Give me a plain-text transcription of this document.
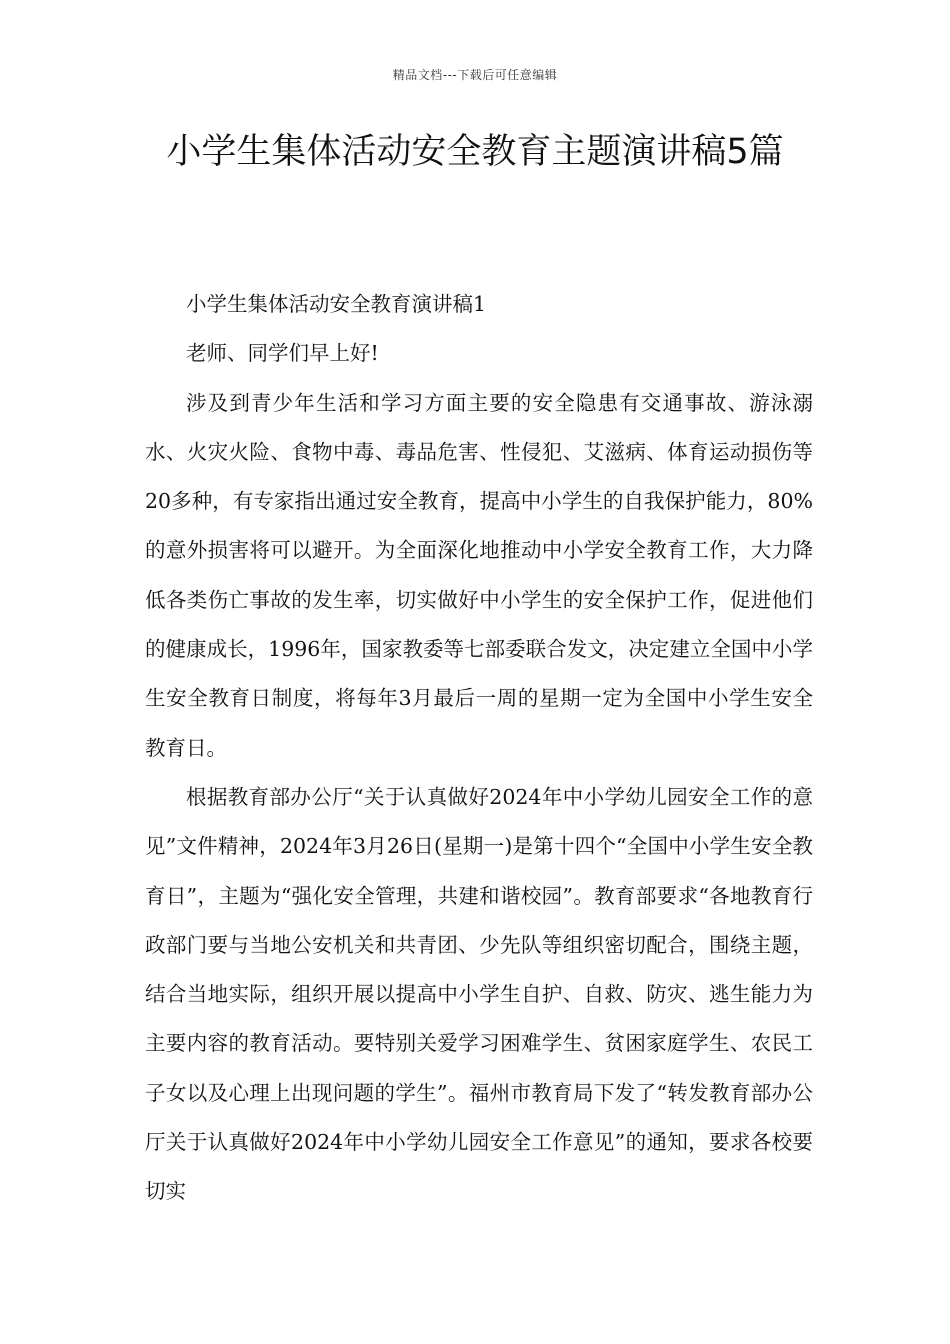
精品文档---下载后可任意编辑
小学生集体活动安全教育主题演讲稿5篇

小学生集体活动安全教育演讲稿1

老师、同学们早上好!

涉及到青少年生活和学习方面主要的安全隐患有交通事故、游泳溺水、火灾火险、食物中毒、毒品危害、性侵犯、艾滋病、体育运动损伤等20多种，有专家指出通过安全教育，提高中小学生的自我保护能力，80%的意外损害将可以避开。为全面深化地推动中小学安全教育工作，大力降低各类伤亡事故的发生率，切实做好中小学生的安全保护工作，促进他们的健康成长，1996年，国家教委等七部委联合发文，决定建立全国中小学生安全教育日制度，将每年3月最后一周的星期一定为全国中小学生安全教育日。

根据教育部办公厅“关于认真做好2024年中小学幼儿园安全工作的意见”文件精神，2024年3月26日(星期一)是第十四个“全国中小学生安全教育日”，主题为“强化安全管理，共建和谐校园”。教育部要求“各地教育行政部门要与当地公安机关和共青团、少先队等组织密切配合，围绕主题，结合当地实际，组织开展以提高中小学生自护、自救、防灾、逃生能力为主要内容的教育活动。要特别关爱学习困难学生、贫困家庭学生、农民工子女以及心理上出现问题的学生”。福州市教育局下发了“转发教育部办公厅关于认真做好2024年中小学幼儿园安全工作意见”的通知，要求各校要切实
